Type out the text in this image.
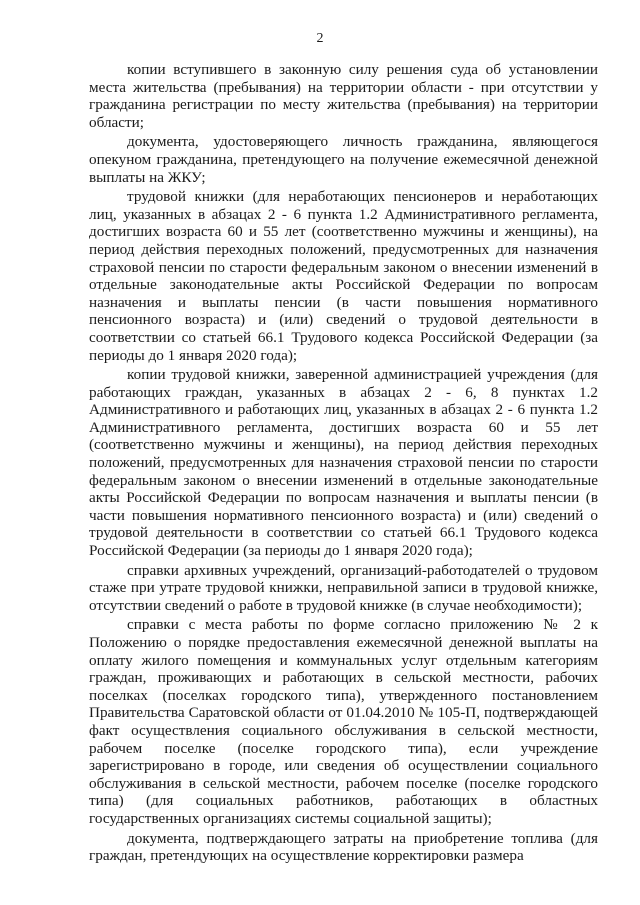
2

копии вступившего в законную силу решения суда об установлении места жительства (пребывания) на территории области - при отсутствии у гражданина регистрации по месту жительства (пребывания) на территории области;

документа, удостоверяющего личность гражданина, являющегося опекуном гражданина, претендующего на получение ежемесячной денежной выплаты на ЖКУ;

трудовой книжки (для неработающих пенсионеров и неработающих лиц, указанных в абзацах 2 - 6 пункта 1.2 Административного регламента, достигших возраста 60 и 55 лет (соответственно мужчины и женщины), на период действия переходных положений, предусмотренных для назначения страховой пенсии по старости федеральным законом о внесении изменений в отдельные законодательные акты Российской Федерации по вопросам назначения и выплаты пенсии (в части повышения нормативного пенсионного возраста) и (или) сведений о трудовой деятельности в соответствии со статьей 66.1 Трудового кодекса Российской Федерации (за периоды до 1 января 2020 года);

копии трудовой книжки, заверенной администрацией учреждения (для работающих граждан, указанных в абзацах 2 - 6, 8 пунктах 1.2 Административного и работающих лиц, указанных в абзацах 2 - 6 пункта 1.2 Административного регламента, достигших возраста 60 и 55 лет (соответственно мужчины и женщины), на период действия переходных положений, предусмотренных для назначения страховой пенсии по старости федеральным законом о внесении изменений в отдельные законодательные акты Российской Федерации по вопросам назначения и выплаты пенсии (в части повышения нормативного пенсионного возраста) и (или) сведений о трудовой деятельности в соответствии со статьей 66.1 Трудового кодекса Российской Федерации (за периоды до 1 января 2020 года);

справки архивных учреждений, организаций-работодателей о трудовом стаже при утрате трудовой книжки, неправильной записи в трудовой книжке, отсутствии сведений о работе в трудовой книжке (в случае необходимости);

справки с места работы по форме согласно приложению № 2 к Положению о порядке предоставления ежемесячной денежной выплаты на оплату жилого помещения и коммунальных услуг отдельным категориям граждан, проживающих и работающих в сельской местности, рабочих поселках (поселках городского типа), утвержденного постановлением Правительства Саратовской области от 01.04.2010 № 105-П, подтверждающей факт осуществления социального обслуживания в сельской местности, рабочем поселке (поселке городского типа), если учреждение зарегистрировано в городе, или сведения об осуществлении социального обслуживания в сельской местности, рабочем поселке (поселке городского типа) (для социальных работников, работающих в областных государственных организациях системы социальной защиты);

документа, подтверждающего затраты на приобретение топлива (для граждан, претендующих на осуществление корректировки размера
